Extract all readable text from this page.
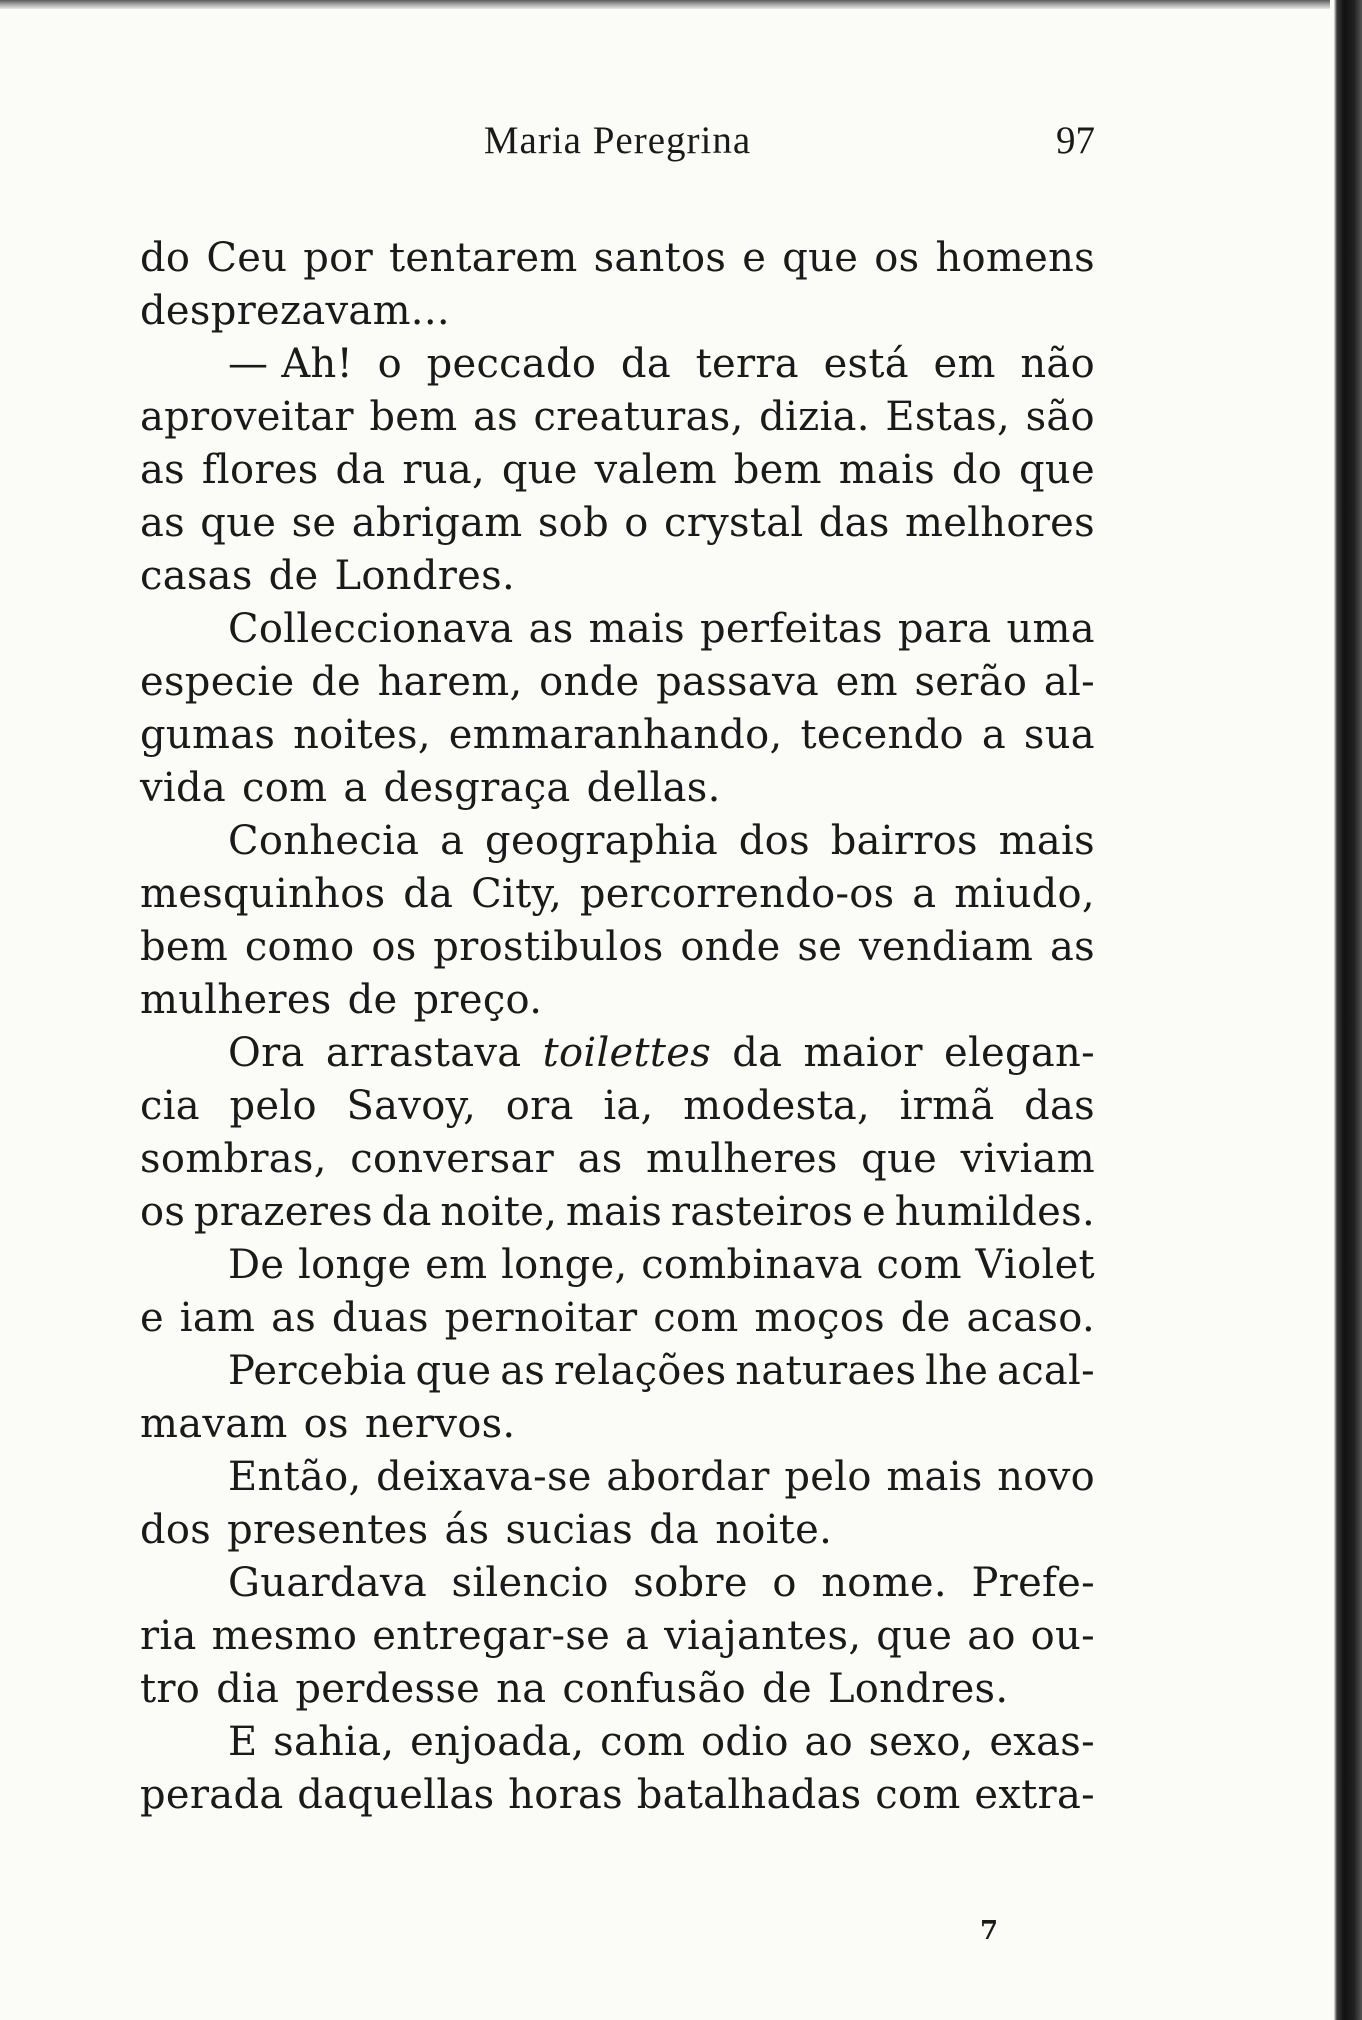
Maria Peregrina	97
do Ceu por tentarem santos e que os homens
desprezavam...
— Ah! o peccado da terra está em não
aproveitar bem as creaturas, dizia. Estas, são
as flores da rua, que valem bem mais do que
as que se abrigam sob o crystal das melhores
casas de Londres.
Colleccionava as mais perfeitas para uma
especie de harem, onde passava em serão al-
gumas noites, emmaranhando, tecendo a sua
vida com a desgraça dellas.
Conhecia a geographia dos bairros mais
mesquinhos da City, percorrendo-os a miudo,
bem como os prostibulos onde se vendiam as
mulheres de preço.
Ora arrastava toilettes da maior elegan-
cia pelo Savoy, ora ia, modesta, irmã das
sombras, conversar as mulheres que viviam
os prazeres da noite, mais rasteiros e humildes.
De longe em longe, combinava com Violet
e iam as duas pernoitar com moços de acaso.
Percebia que as relações naturaes lhe acal-
mavam os nervos.
Então, deixava-se abordar pelo mais novo
dos presentes ás sucias da noite.
Guardava silencio sobre o nome. Prefe-
ria mesmo entregar-se a viajantes, que ao ou-
tro dia perdesse na confusão de Londres.
E sahia, enjoada, com odio ao sexo, exas-
perada daquellas horas batalhadas com extra-
7
